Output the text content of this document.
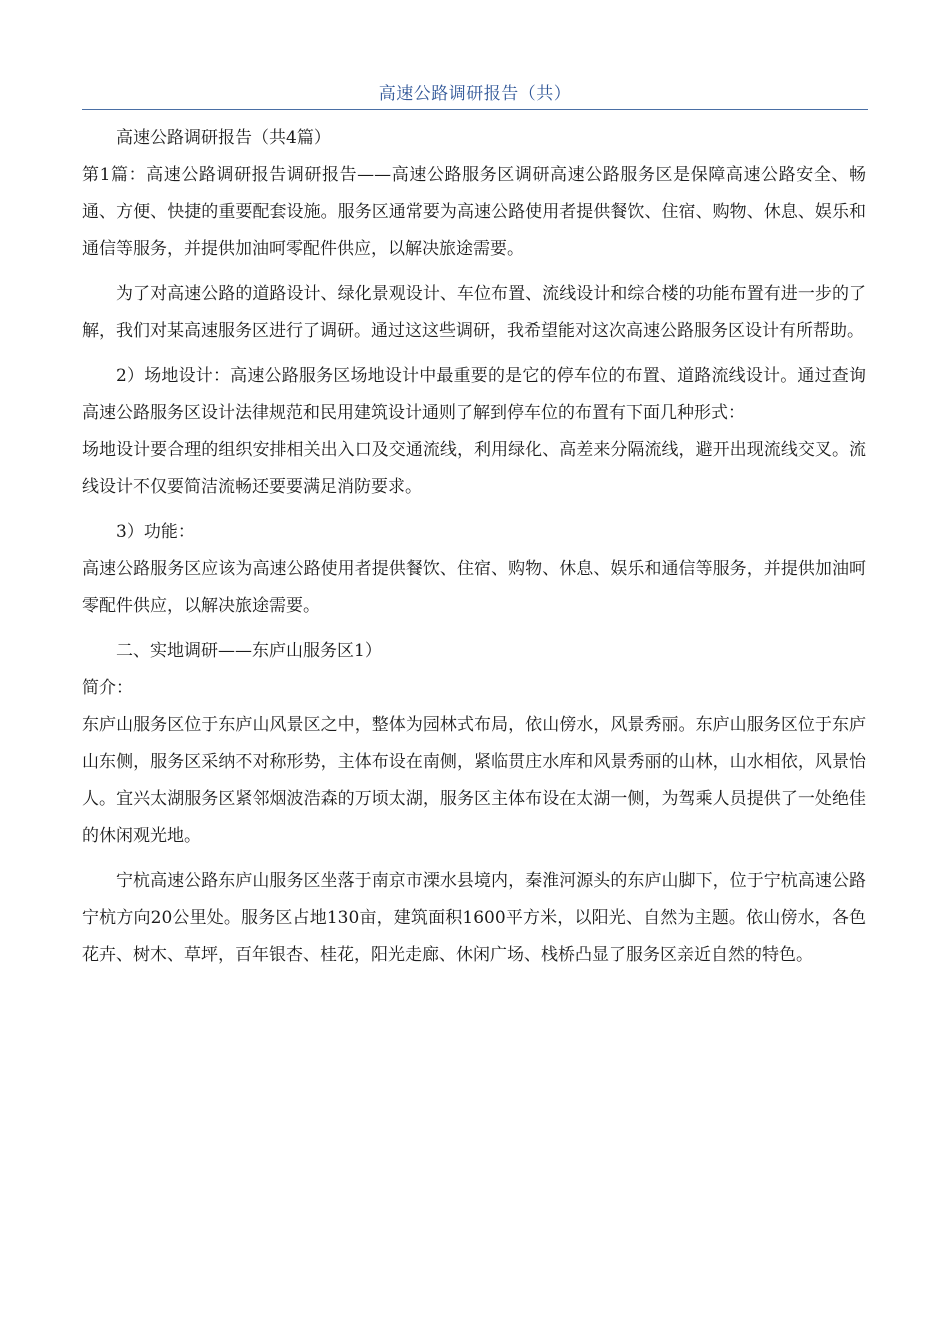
高速公路调研报告（共）

高速公路调研报告（共4篇）

第1篇：高速公路调研报告调研报告——高速公路服务区调研高速公路服务区是保障高速公路安全、畅通、方便、快捷的重要配套设施。服务区通常要为高速公路使用者提供餐饮、住宿、购物、休息、娱乐和通信等服务，并提供加油呵零配件供应，以解决旅途需要。

为了对高速公路的道路设计、绿化景观设计、车位布置、流线设计和综合楼的功能布置有进一步的了解，我们对某高速服务区进行了调研。通过这这些调研，我希望能对这次高速公路服务区设计有所帮助。

2）场地设计：高速公路服务区场地设计中最重要的是它的停车位的布置、道路流线设计。通过查询高速公路服务区设计法律规范和民用建筑设计通则了解到停车位的布置有下面几种形式：

场地设计要合理的组织安排相关出入口及交通流线，利用绿化、高差来分隔流线，避开出现流线交叉。流线设计不仅要简洁流畅还要要满足消防要求。

3）功能：

高速公路服务区应该为高速公路使用者提供餐饮、住宿、购物、休息、娱乐和通信等服务，并提供加油呵零配件供应，以解决旅途需要。

二、实地调研——东庐山服务区1）

简介：

东庐山服务区位于东庐山风景区之中，整体为园林式布局，依山傍水，风景秀丽。东庐山服务区位于东庐山东侧，服务区采纳不对称形势，主体布设在南侧，紧临贯庄水库和风景秀丽的山林，山水相依，风景怡人。宜兴太湖服务区紧邻烟波浩森的万顷太湖，服务区主体布设在太湖一侧，为驾乘人员提供了一处绝佳的休闲观光地。

宁杭高速公路东庐山服务区坐落于南京市溧水县境内，秦淮河源头的东庐山脚下，位于宁杭高速公路宁杭方向20公里处。服务区占地130亩，建筑面积1600平方米，以阳光、自然为主题。依山傍水，各色花卉、树木、草坪，百年银杏、桂花，阳光走廊、休闲广场、栈桥凸显了服务区亲近自然的特色。
